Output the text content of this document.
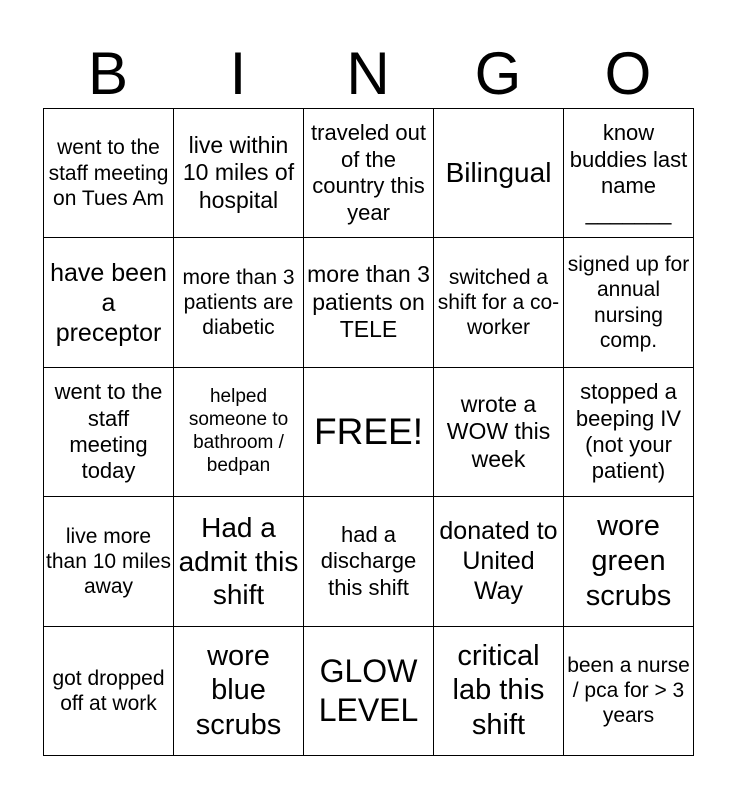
B	I	N	G	O
went to the staff meeting on Tues Am	live within 10 miles of hospital	traveled out of the country this year	Bilingual	know buddies last name _______
have been a preceptor	more than 3 patients are diabetic	more than 3 patients on TELE	switched a shift for a co-worker	signed up for annual nursing comp.
went to the staff meeting today	helped someone to bathroom / bedpan	FREE!	wrote a WOW this week	stopped a beeping IV (not your patient)
live more than 10 miles away	Had a admit this shift	had a discharge this shift	donated to United Way	wore green scrubs
got dropped off at work	wore blue scrubs	GLOW LEVEL	critical lab this shift	been a nurse / pca for > 3 years
